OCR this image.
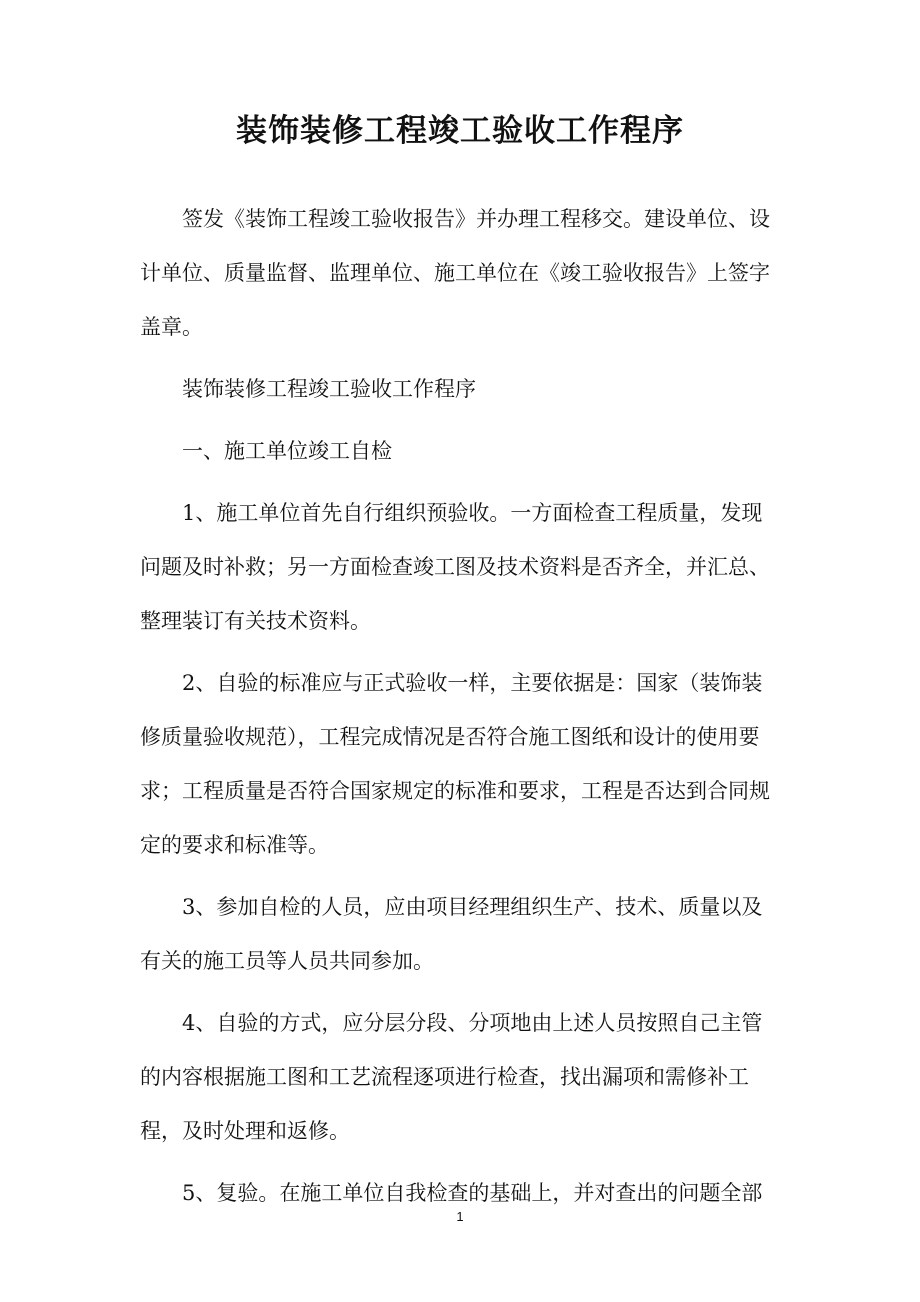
装饰装修工程竣工验收工作程序

签发《装饰工程竣工验收报告》并办理工程移交。建设单位、设计单位、质量监督、监理单位、施工单位在《竣工验收报告》上签字盖章。

装饰装修工程竣工验收工作程序

一、施工单位竣工自检

1、施工单位首先自行组织预验收。一方面检查工程质量，发现问题及时补救；另一方面检查竣工图及技术资料是否齐全，并汇总、整理装订有关技术资料。

2、自验的标准应与正式验收一样，主要依据是：国家（装饰装修质量验收规范），工程完成情况是否符合施工图纸和设计的使用要求；工程质量是否符合国家规定的标准和要求，工程是否达到合同规定的要求和标准等。

3、参加自检的人员，应由项目经理组织生产、技术、质量以及有关的施工员等人员共同参加。

4、自验的方式，应分层分段、分项地由上述人员按照自己主管的内容根据施工图和工艺流程逐项进行检查，找出漏项和需修补工程，及时处理和返修。

5、复验。在施工单位自我检查的基础上，并对查出的问题全部

1
